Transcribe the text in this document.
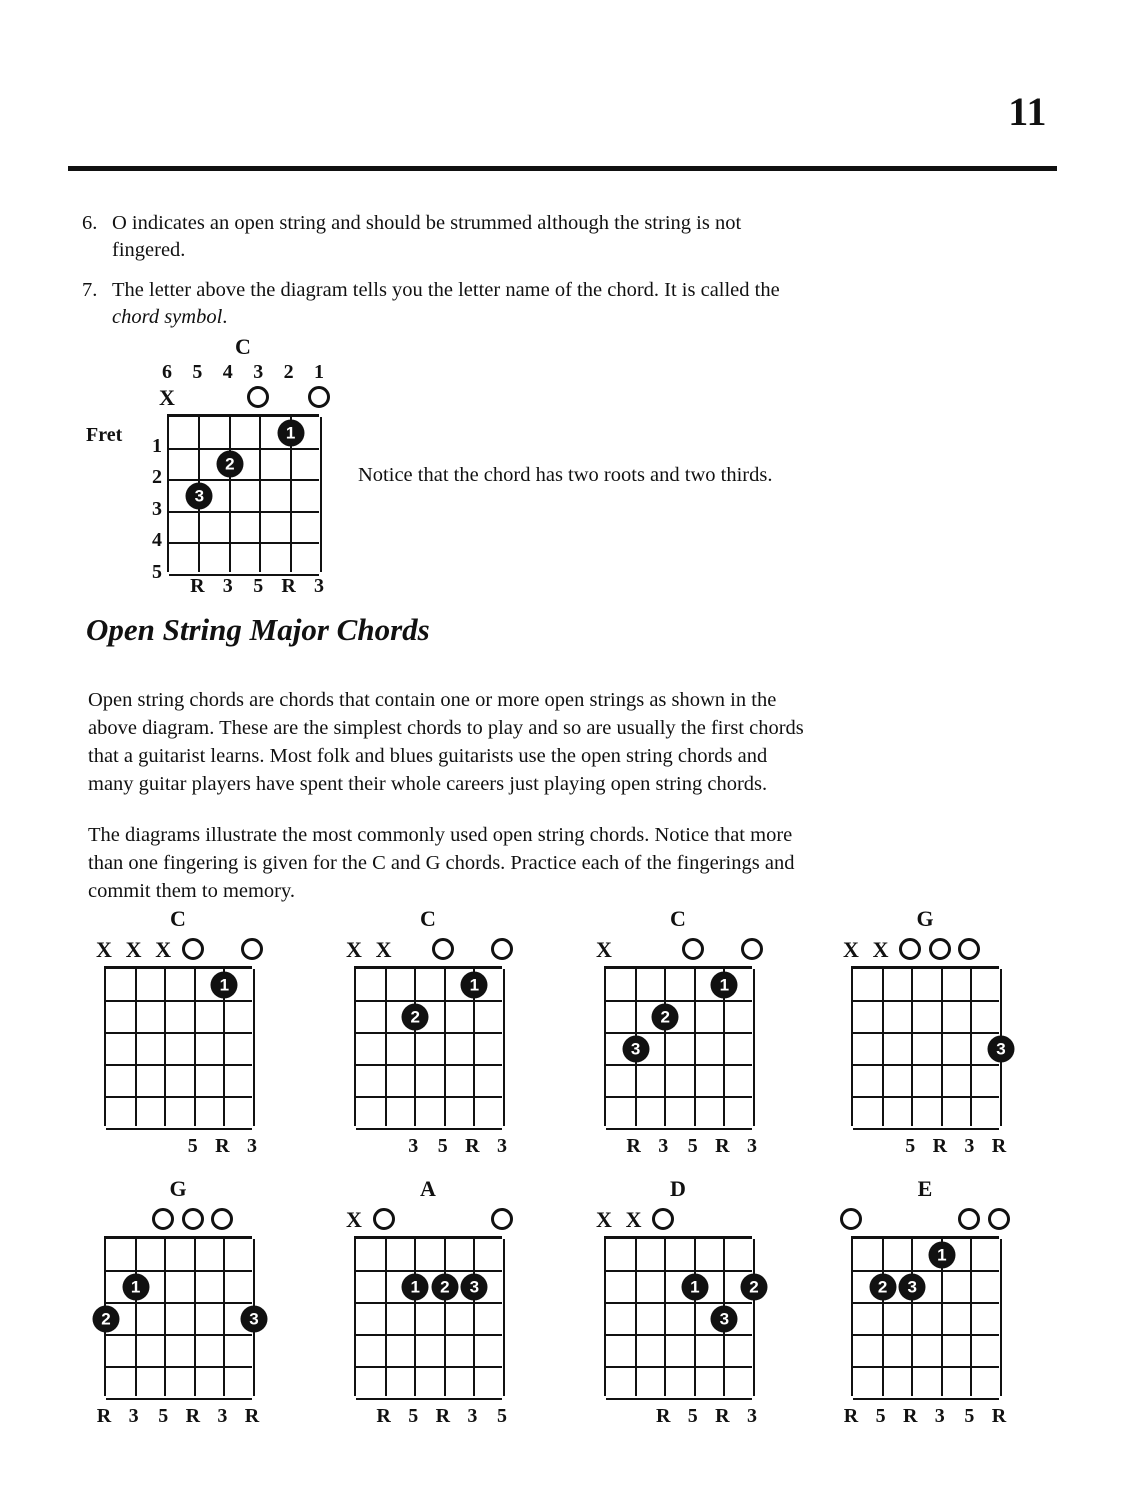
11
6. O indicates an open string and should be strummed although the string is not fingered.
7. The letter above the diagram tells you the letter name of the chord. It is called the chord symbol.
C
6 5 4 3 2 1
X
1
2
3
4
5
1
2
3
R 3 5 R 3
Fret
Notice that the chord has two roots and two thirds.
Open String Major Chords
Open string chords are chords that contain one or more open strings as shown in the above diagram. These are the simplest chords to play and so are usually the first chords that a guitarist learns. Most folk and blues guitarists use the open string chords and many guitar players have spent their whole careers just playing open string chords.
The diagrams illustrate the most commonly used open string chords. Notice that more than one fingering is given for the C and G chords. Practice each of the fingerings and commit them to memory.
C
X X X
1
5 R 3
C
X X
1
2
3 5 R 3
C
X
1
2
3
R 3 5 R 3
G
X X
3
5 R 3 R
G
1
2	3
R 3 5 R 3 R
A
X
1	2	3
R 5 R 3 5
D
X X
1	2
3
R 5 R 3
E
1
2	3
R 5 R 3 5 R
